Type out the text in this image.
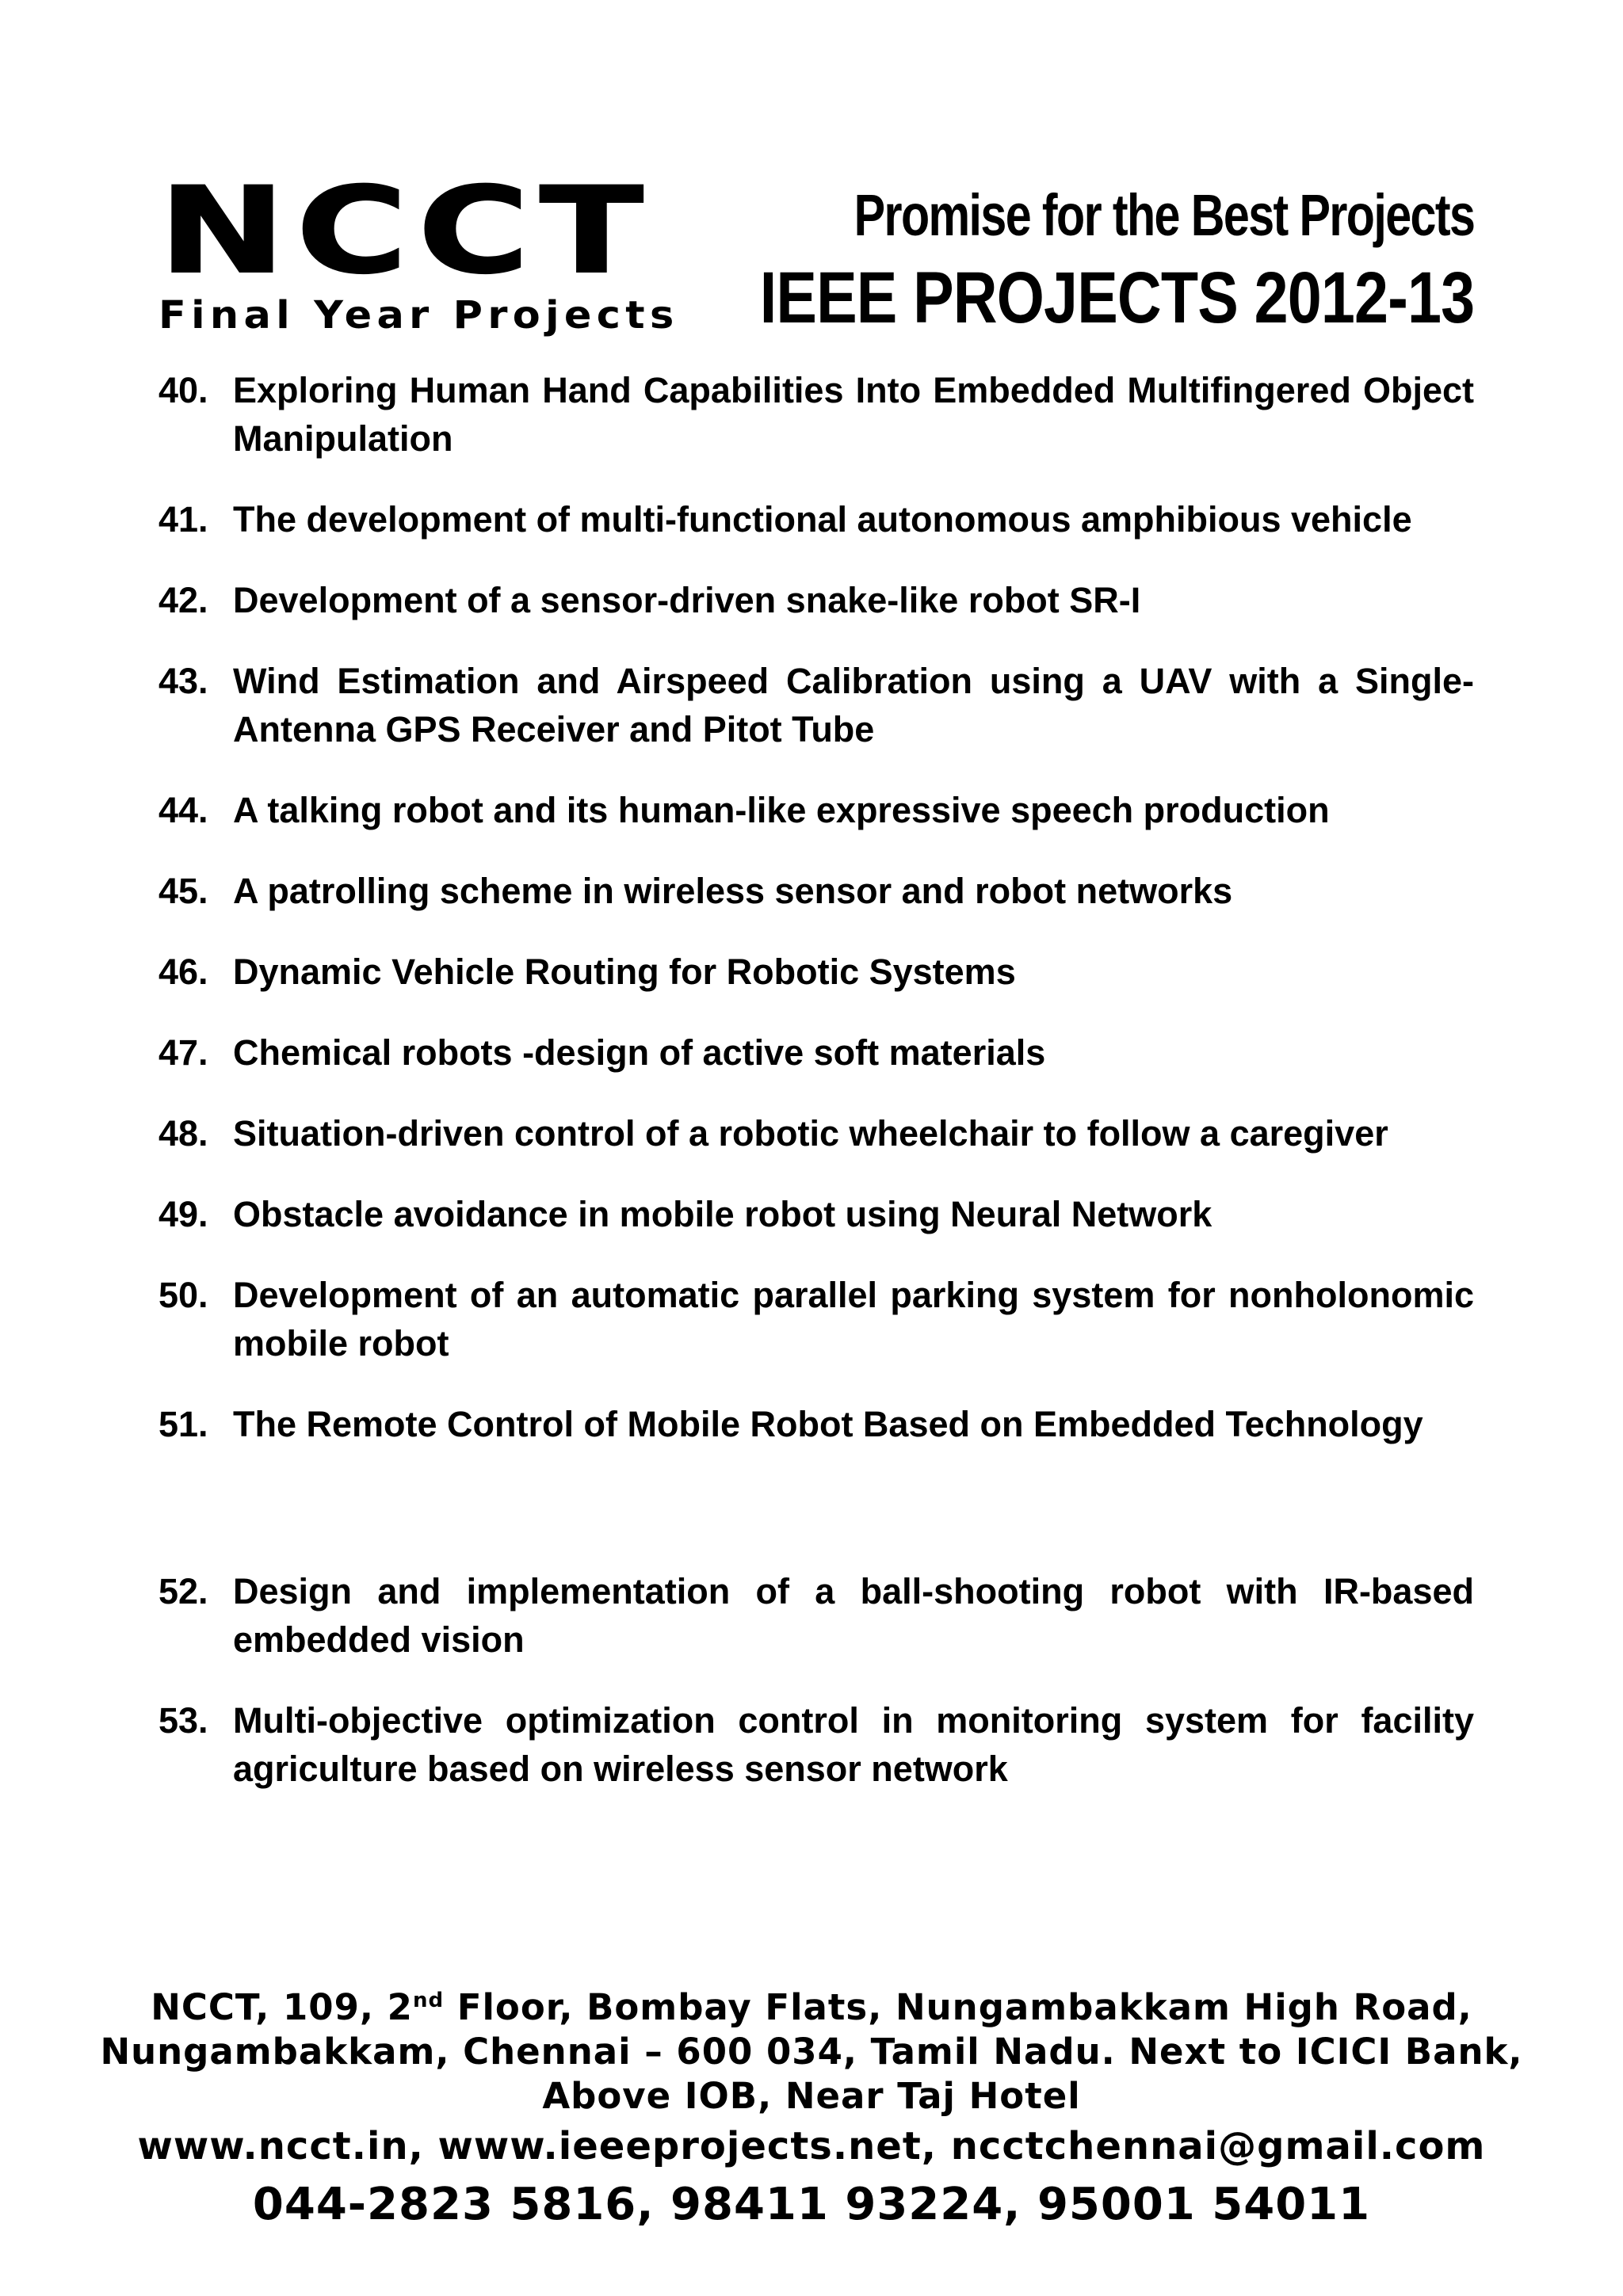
NCCT
Final Year Projects
Promise for the Best Projects
IEEE PROJECTS 2012-13
40. Exploring Human Hand Capabilities Into Embedded Multifingered Object Manipulation
41. The development of multi-functional autonomous amphibious vehicle
42. Development of a sensor-driven snake-like robot SR-I
43. Wind Estimation and Airspeed Calibration using a UAV with a Single-Antenna GPS Receiver and Pitot Tube
44. A talking robot and its human-like expressive speech production
45. A patrolling scheme in wireless sensor and robot networks
46. Dynamic Vehicle Routing for Robotic Systems
47. Chemical robots -design of active soft materials
48. Situation-driven control of a robotic wheelchair to follow a caregiver
49. Obstacle avoidance in mobile robot using Neural Network
50. Development of an automatic parallel parking system for nonholonomic mobile robot
51. The Remote Control of Mobile Robot Based on Embedded Technology
52. Design and implementation of a ball-shooting robot with IR-based embedded vision
53. Multi-objective optimization control in monitoring system for facility agriculture based on wireless sensor network
NCCT, 109, 2nd Floor, Bombay Flats, Nungambakkam High Road, Nungambakkam, Chennai – 600 034, Tamil Nadu. Next to ICICI Bank, Above IOB, Near Taj Hotel
www.ncct.in, www.ieeeprojects.net, ncctchennai@gmail.com
044-2823 5816, 98411 93224, 95001 54011
